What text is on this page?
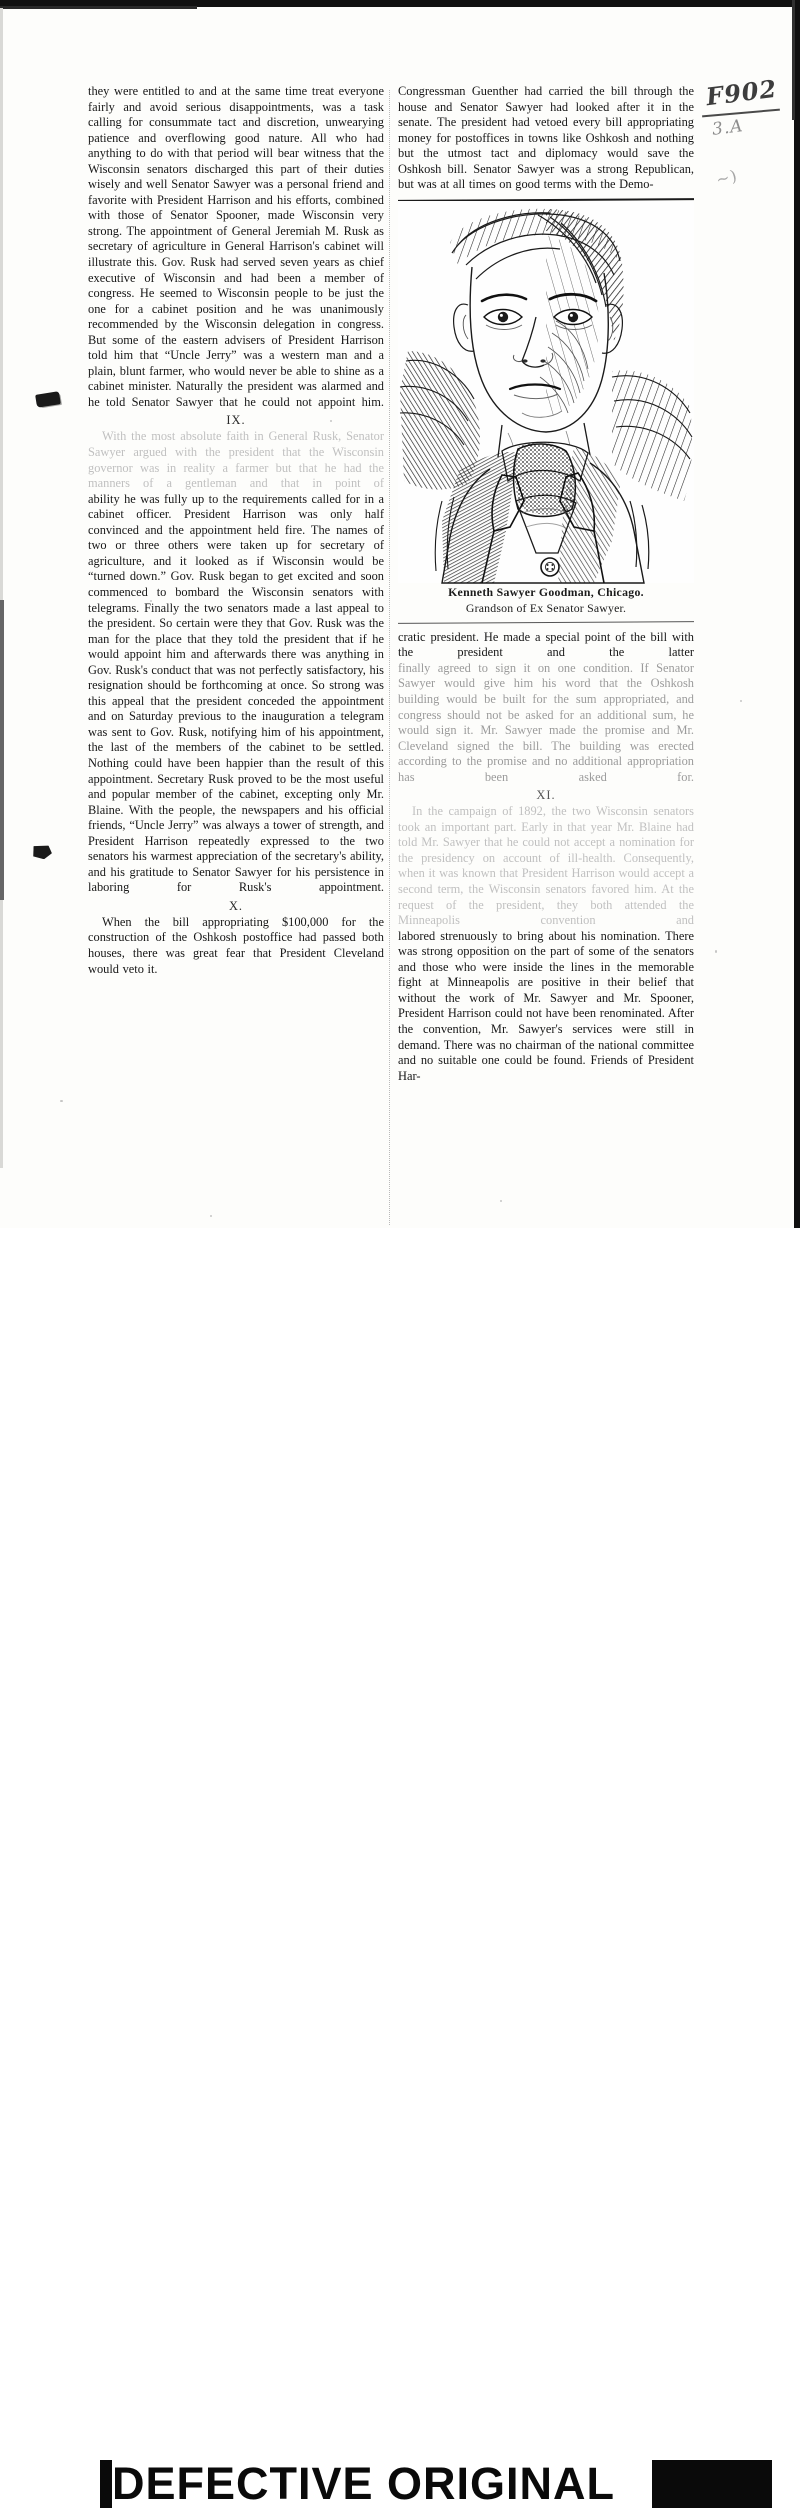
F902
3.A
~)

they were entitled to and at the same time treat everyone fairly and avoid serious disappointments, was a task calling for consummate tact and discretion, unwearying patience and overflowing good nature. All who had anything to do with that period will bear witness that the Wisconsin senators discharged this part of their duties wisely and well Senator Sawyer was a personal friend and favorite with President Harrison and his efforts, combined with those of Senator Spooner, made Wisconsin very strong. The appointment of General Jeremiah M. Rusk as secretary of agriculture in General Harrison's cabinet will illustrate this. Gov. Rusk had served seven years as chief executive of Wisconsin and had been a member of congress. He seemed to Wisconsin people to be just the one for a cabinet position and he was unanimously recommended by the Wisconsin delegation in congress. But some of the eastern advisers of President Harrison told him that “Uncle Jerry” was a western man and a plain, blunt farmer, who would never be able to shine as a cabinet minister. Naturally the president was alarmed and he told Senator Sawyer that he could not appoint him.

IX.

With the most absolute faith in General Rusk, Senator Sawyer argued with the president that the Wisconsin governor was in reality a farmer but that he had the manners of a gentleman and that in point of

ability he was fully up to the requirements called for in a cabinet officer. President Harrison was only half convinced and the appointment held fire. The names of two or three others were taken up for secretary of agriculture, and it looked as if Wisconsin would be “turned down.” Gov. Rusk began to get excited and soon commenced to bombard the Wisconsin senators with telegrams. Finally the two senators made a last appeal to the president. So certain were they that Gov. Rusk was the man for the place that they told the president that if he would appoint him and afterwards there was anything in Gov. Rusk's conduct that was not perfectly satisfactory, his resignation should be forthcoming at once. So strong was this appeal that the president conceded the appointment and on Saturday previous to the inauguration a telegram was sent to Gov. Rusk, notifying him of his appointment, the last of the members of the cabinet to be settled. Nothing could have been happier than the result of this appointment. Secretary Rusk proved to be the most useful and popular member of the cabinet, excepting only Mr. Blaine. With the people, the newspapers and his official friends, “Uncle Jerry” was always a tower of strength, and President Harrison repeatedly expressed to the two senators his warmest appreciation of the secretary's ability, and his gratitude to Senator Sawyer for his persistence in laboring for Rusk's appointment.

X.

When the bill appropriating $100,000 for the construction of the Oshkosh postoffice had passed both houses, there was great fear that President Cleveland would veto it.

Congressman Guenther had carried the bill through the house and Senator Sawyer had looked after it in the senate. The president had vetoed every bill appropriating money for postoffices in towns like Oshkosh and nothing but the utmost tact and diplomacy would save the Oshkosh bill. Senator Sawyer was a strong Republican, but was at all times on good terms with the Demo-

Kenneth Sawyer Goodman, Chicago.
Grandson of Ex Senator Sawyer.

cratic president. He made a special point of the bill with the president and the latter

finally agreed to sign it on one condition. If Senator Sawyer would give him his word that the Oshkosh building would be built for the sum appropriated, and congress should not be asked for an additional sum, he would sign it. Mr. Sawyer made the promise and Mr. Cleveland signed the bill. The building was erected according to the promise and no additional appropriation has been asked for.

XI.

In the campaign of 1892, the two Wisconsin senators took an important part. Early in that year Mr. Blaine had told Mr. Sawyer that he could not accept a nomination for the presidency on account of ill-health. Consequently, when it was known that President Harrison would accept a second term, the Wisconsin senators favored him. At the request of the president, they both attended the Minneapolis convention and

labored strenuously to bring about his nomination. There was strong opposition on the part of some of the senators and those who were inside the lines in the memorable fight at Minneapolis are positive in their belief that without the work of Mr. Sawyer and Mr. Spooner, President Harrison could not have been renominated. After the convention, Mr. Sawyer's services were still in demand. There was no chairman of the national committee and no suitable one could be found. Friends of President Har-

DEFECTIVE ORIGINAL
